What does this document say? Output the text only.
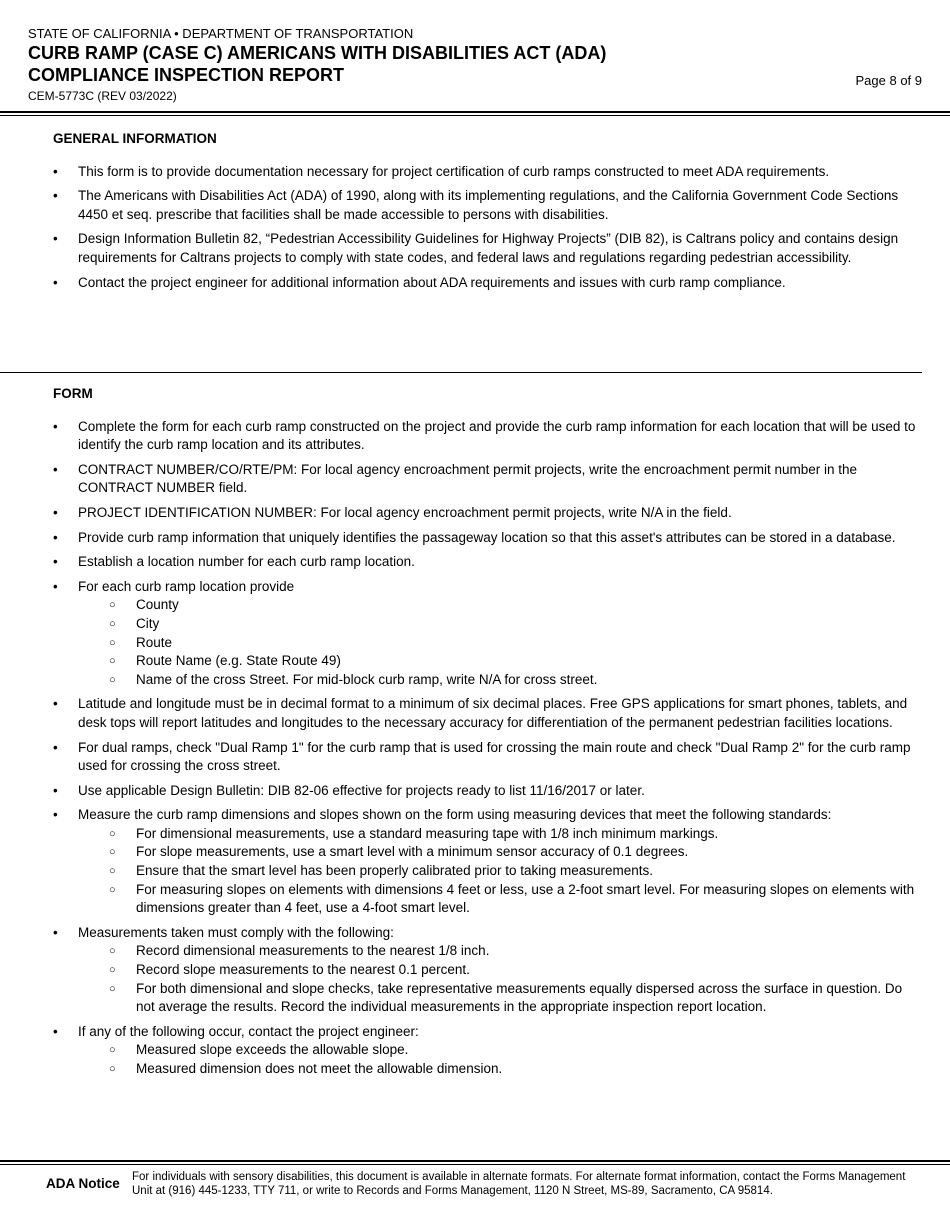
STATE OF CALIFORNIA • DEPARTMENT OF TRANSPORTATION
CURB RAMP (CASE C) AMERICANS WITH DISABILITIES ACT (ADA)
COMPLIANCE INSPECTION REPORT
CEM-5773C (REV 03/2022)
Page 8 of 9
GENERAL INFORMATION
• This form is to provide documentation necessary for project certification of curb ramps constructed to meet ADA requirements.
• The Americans with Disabilities Act (ADA) of 1990, along with its implementing regulations, and the California Government Code Sections 4450 et seq. prescribe that facilities shall be made accessible to persons with disabilities.
• Design Information Bulletin 82, “Pedestrian Accessibility Guidelines for Highway Projects” (DIB 82), is Caltrans policy and contains design requirements for Caltrans projects to comply with state codes, and federal laws and regulations regarding pedestrian accessibility.
• Contact the project engineer for additional information about ADA requirements and issues with curb ramp compliance.
FORM
• Complete the form for each curb ramp constructed on the project and provide the curb ramp information for each location that will be used to identify the curb ramp location and its attributes.
• CONTRACT NUMBER/CO/RTE/PM: For local agency encroachment permit projects, write the encroachment permit number in the CONTRACT NUMBER field.
• PROJECT IDENTIFICATION NUMBER: For local agency encroachment permit projects, write N/A in the field.
• Provide curb ramp information that uniquely identifies the passageway location so that this asset's attributes can be stored in a database.
• Establish a location number for each curb ramp location.
• For each curb ramp location provide
○ County
○ City
○ Route
○ Route Name (e.g. State Route 49)
○ Name of the cross Street. For mid-block curb ramp, write N/A for cross street.
• Latitude and longitude must be in decimal format to a minimum of six decimal places. Free GPS applications for smart phones, tablets, and desk tops will report latitudes and longitudes to the necessary accuracy for differentiation of the permanent pedestrian facilities locations.
• For dual ramps, check "Dual Ramp 1" for the curb ramp that is used for crossing the main route and check "Dual Ramp 2" for the curb ramp used for crossing the cross street.
• Use applicable Design Bulletin: DIB 82-06 effective for projects ready to list 11/16/2017 or later.
• Measure the curb ramp dimensions and slopes shown on the form using measuring devices that meet the following standards:
○ For dimensional measurements, use a standard measuring tape with 1/8 inch minimum markings.
○ For slope measurements, use a smart level with a minimum sensor accuracy of 0.1 degrees.
○ Ensure that the smart level has been properly calibrated prior to taking measurements.
○ For measuring slopes on elements with dimensions 4 feet or less, use a 2-foot smart level. For measuring slopes on elements with dimensions greater than 4 feet, use a 4-foot smart level.
• Measurements taken must comply with the following:
○ Record dimensional measurements to the nearest 1/8 inch.
○ Record slope measurements to the nearest 0.1 percent.
○ For both dimensional and slope checks, take representative measurements equally dispersed across the surface in question. Do not average the results. Record the individual measurements in the appropriate inspection report location.
• If any of the following occur, contact the project engineer:
○ Measured slope exceeds the allowable slope.
○ Measured dimension does not meet the allowable dimension.
ADA Notice	For individuals with sensory disabilities, this document is available in alternate formats. For alternate format information, contact the Forms Management Unit at (916) 445-1233, TTY 711, or write to Records and Forms Management, 1120 N Street, MS-89, Sacramento, CA 95814.
